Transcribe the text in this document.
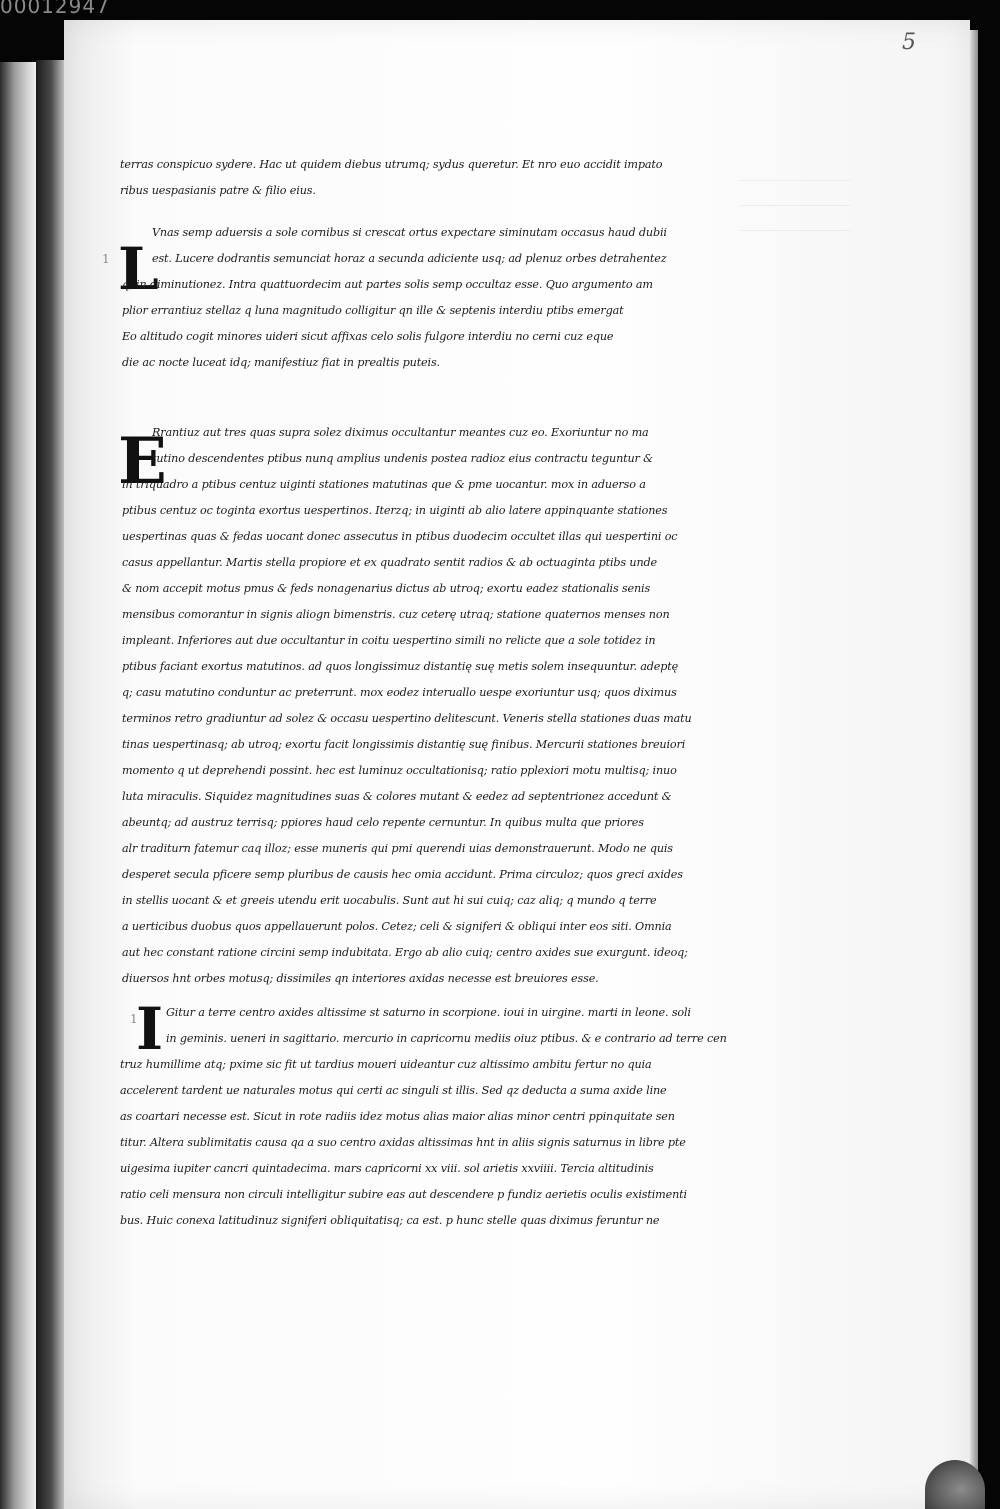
00012947
5
terras conspicuo sydere. Hac ut quidem diebus utrumq; sydus queretur. Et nro euo accidit impato
ribus uespasianis patre & filio eius.
1 L
Vnas semp aduersis a sole cornibus si crescat ortus expectare siminutam occasus haud dubii
est. Lucere dodrantis semunciat horaz a secunda adiciente usq; ad plenuz orbes detrahentez
q; in diminutionez. Intra quattuordecim aut partes solis semp occultaz esse. Quo argumento am
plior errantiuz stellaz q luna magnitudo colligitur qn ille & septenis interdiu ptibs emergat
Eo altitudo cogit minores uideri sicut affixas celo solis fulgore interdiu no cerni cuz eque
die ac nocte luceat idq; manifestiuz fiat in prealtis puteis.
E
Rrantiuz aut tres quas supra solez diximus occultantur meantes cuz eo. Exoriuntur no ma
tutino descendentes ptibus nunq amplius undenis postea radioz eius contractu teguntur &
in triquadro a ptibus centuz uiginti stationes matutinas que & pme uocantur. mox in aduerso a
ptibus centuz oc toginta exortus uespertinos. Iterzq; in uiginti ab alio latere appinquante stationes
uespertinas quas & fedas uocant donec assecutus in ptibus duodecim occultet illas qui uespertini oc
casus appellantur. Martis stella propiore et ex quadrato sentit radios & ab octuaginta ptibs unde
& nom accepit motus pmus & feds nonagenarius dictus ab utroq; exortu eadez stationalis senis
mensibus comorantur in signis aliogn bimenstris. cuz ceterę utraq; statione quaternos menses non
impleant. Inferiores aut due occultantur in coitu uespertino simili no relicte que a sole totidez in
ptibus faciant exortus matutinos. ad quos longissimuz distantię suę metis solem insequuntur. adeptę
q; casu matutino conduntur ac preterrunt. mox eodez interuallo uespe exoriuntur usq; quos diximus
terminos retro gradiuntur ad solez & occasu uespertino delitescunt. Veneris stella stationes duas matu
tinas uespertinasq; ab utroq; exortu facit longissimis distantię suę finibus. Mercurii stationes breuiori
momento q ut deprehendi possint. hec est luminuz occultationisq; ratio pplexiori motu multisq; inuo
luta miraculis. Siquidez magnitudines suas & colores mutant & eedez ad septentrionez accedunt &
abeuntq; ad austruz terrisq; ppiores haud celo repente cernuntur. In quibus multa que priores
alr traditurn fatemur caq illoz; esse muneris qui pmi querendi uias demonstrauerunt. Modo ne quis
desperet secula pficere semp pluribus de causis hec omia accidunt. Prima circuloz; quos greci axides
in stellis uocant & et greeis utendu erit uocabulis. Sunt aut hi sui cuiq; caz aliq; q mundo q terre
a uerticibus duobus quos appellauerunt polos. Cetez; celi & signiferi & obliqui inter eos siti. Omnia
aut hec constant ratione circini semp indubitata. Ergo ab alio cuiq; centro axides sue exurgunt. ideoq;
diuersos hnt orbes motusq; dissimiles qn interiores axidas necesse est breuiores esse.
1
I Gitur a terre centro axides altissime st saturno in scorpione. ioui in uirgine. marti in leone. soli
in geminis. ueneri in sagittario. mercurio in capricornu mediis oiuz ptibus. & e contrario ad terre cen
truz humillime atq; pxime sic fit ut tardius moueri uideantur cuz altissimo ambitu fertur no quia
accelerent tardent ue naturales motus qui certi ac singuli st illis. Sed qz deducta a suma axide line
as coartari necesse est. Sicut in rote radiis idez motus alias maior alias minor centri ppinquitate sen
titur. Altera sublimitatis causa qa a suo centro axidas altissimas hnt in aliis signis saturnus in libre pte
uigesima iupiter cancri quintadecima. mars capricorni xx viii. sol arietis xxviiii. Tercia altitudinis
ratio celi mensura non circuli intelligitur subire eas aut descendere p fundiz aerietis oculis existimenti
bus. Huic conexa latitudinuz signiferi obliquitatisq; ca est. p hunc stelle quas diximus feruntur ne
